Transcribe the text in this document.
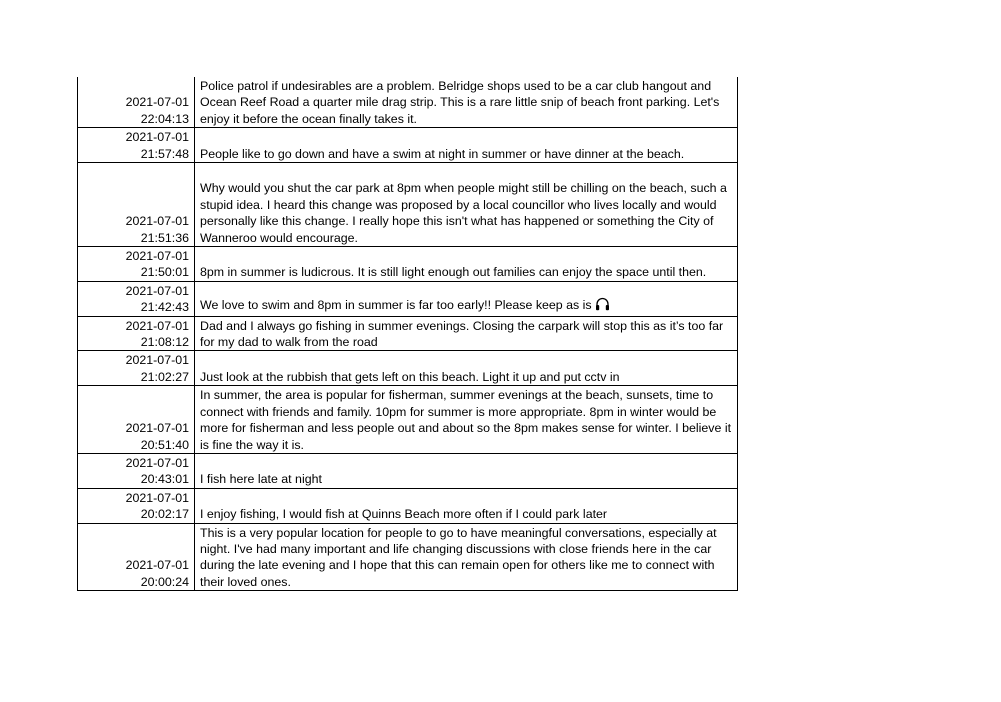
2021-07-01
22:04:13	Police patrol if undesirables are a problem. Belridge shops used to be a car club hangout and
Ocean Reef Road a quarter mile drag strip. This is a rare little snip of beach front parking. Let's
enjoy it before the ocean finally takes it.

2021-07-01
21:57:48	People like to go down and have a swim at night in summer or have dinner at the beach.

2021-07-01
21:51:36	Why would you shut the car park at 8pm when people might still be chilling on the beach, such a
stupid idea. I heard this change was proposed by a local councillor who lives locally and would
personally like this change. I really hope this isn't what has happened or something the City of
Wanneroo would encourage.

2021-07-01
21:50:01	8pm in summer is ludicrous. It is still light enough out families can enjoy the space until then.

2021-07-01
21:42:43	We love to swim and 8pm in summer is far too early!! Please keep as is

2021-07-01
21:08:12	Dad and I always go fishing in summer evenings. Closing the carpark will stop this as it’s too far
for my dad to walk from the road

2021-07-01
21:02:27	Just look at the rubbish that gets left on this beach. Light it up and put cctv in

2021-07-01
20:51:40	In summer, the area is popular for fisherman, summer evenings at the beach, sunsets, time to
connect with friends and family. 10pm for summer is more appropriate. 8pm in winter would be
more for fisherman and less people out and about so the 8pm makes sense for winter. I believe it
is fine the way it is.

2021-07-01
20:43:01	I fish here late at night

2021-07-01
20:02:17	I enjoy fishing, I would fish at Quinns Beach more often if I could park later

2021-07-01
20:00:24	This is a very popular location for people to go to have meaningful conversations, especially at
night. I've had many important and life changing discussions with close friends here in the car
during the late evening and I hope that this can remain open for others like me to connect with
their loved ones.
